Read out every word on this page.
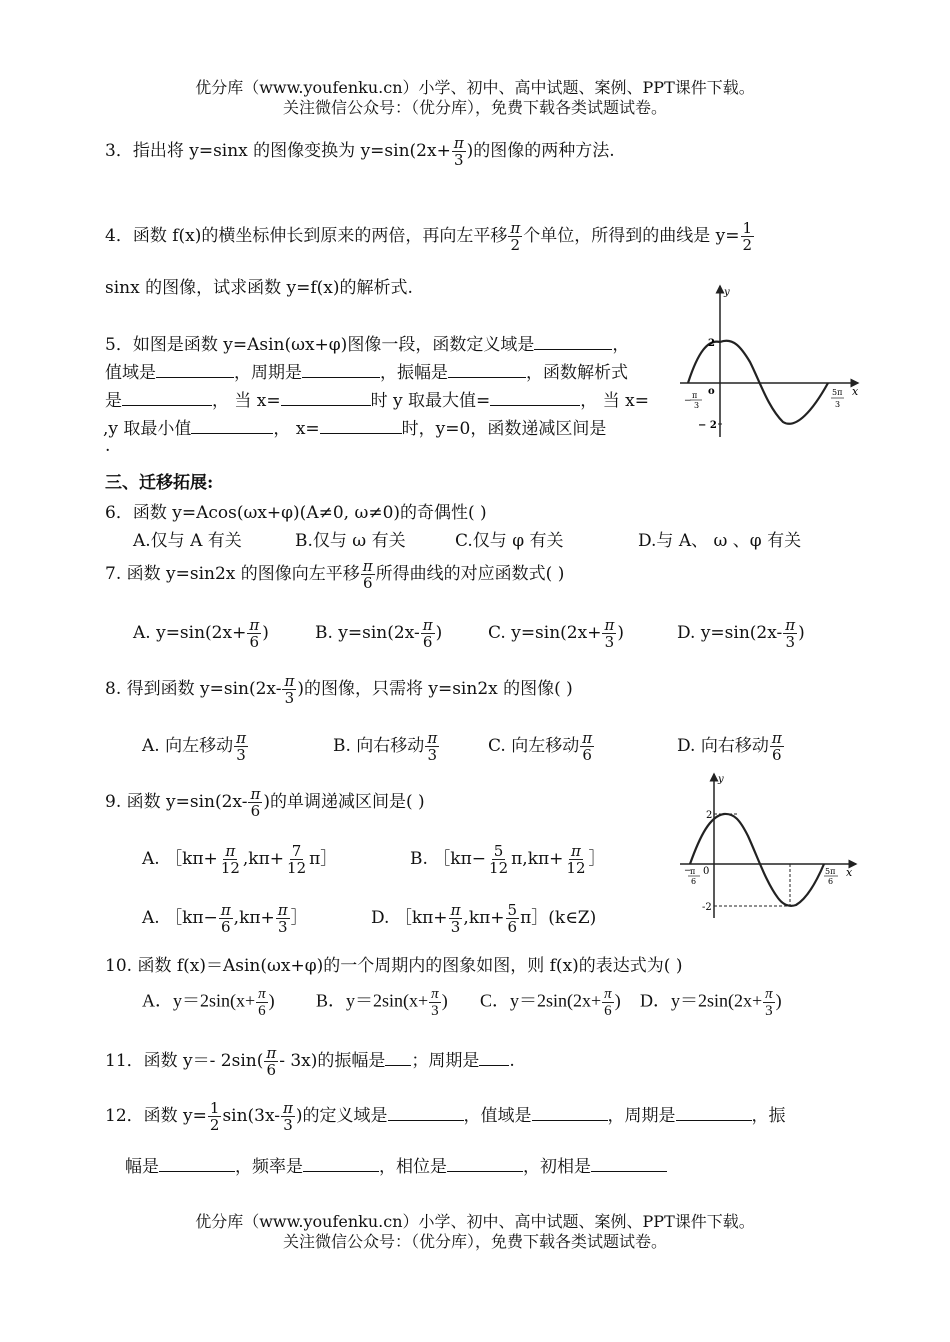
优分库（www.youfenku.cn）小学、初中、高中试题、案例、PPT课件下载。
关注微信公众号：（优分库），免费下载各类试题试卷。
3．指出将 y=sinx 的图像变换为 $y=\sin(2x+ \frac{\pi}{3}$ )的图像的两种方法.
4．函数 f(x)的横坐标伸长到原来的两倍，再向左平移 $\frac{\pi}{2}$ 个单位，所得到的曲线是 $y= \frac{1}{2}$
sinx 的图像，试求函数 y=f(x)的解析式.
5．如图是函数 y=Asin(ωx+φ)图像一段，函数定义域是	，
值域是	，周期是	，振幅是	，函数解析式
是	， 当 x=	时 y 取最大值=	， 当 x=
,y 取最小值	， x=	时，y=0，函数递减区间是
.
y
x
o
2
− 2
π
3
−
5π
3
三、迁移拓展:
6．函数 y=Acos(ωx+φ)(A≠0, ω≠0)的奇偶性( )
A.仅与 A 有关	B.仅与 ω 有关	C.仅与 φ 有关	D.与 A、 ω 、φ 有关
7. 函数 y=sin2x 的图像向左平移 $\frac{\pi}{6}$ 所得曲线的对应函数式( )
A. $y=\sin(2x+ \frac{\pi}{6}$ )	B. $y=\sin(2x- \frac{\pi}{6}$ )	C. $y=\sin(2x+ \frac{\pi}{3}$ )	D. $y=\sin(2x- \frac{\pi}{3}$ )
8. 得到函数 $y=\sin(2x- \frac{\pi}{3}$ )的图像，只需将 y=sin2x 的图像( )
A. 向左移动 $\frac{\pi}{3}$	B. 向右移动 $\frac{\pi}{3}$	C. 向左移动 $\frac{\pi}{6}$	D. 向右移动 $\frac{\pi}{6}$
9. 函数 $y=\sin(2x- \frac{\pi}{6}$ )的单调递减区间是( )
A. ［kπ+ $\frac{\pi}{12} ,k\pi+ \frac{7}{12}$ π］	B. ［kπ− $\frac{5}{12} \pi,k\pi+ \frac{\pi}{12}$ ］
A. ［kπ− $\frac{\pi}{6} ,k\pi+ \frac{\pi}{3}$ ］	D. ［kπ+ $\frac{\pi}{3} ,k\pi+ \frac{5}{6}$ π］(k∈Z)
y
x
0
2
-2
−
π
6
5π
6
10. 函数 f(x)＝Asin(ωx+φ)的一个周期内的图象如图，则 f(x)的表达式为( )
A．$y=2\sin(x+ \frac{\pi}{6}$ ) B．$y=2\sin(x+ \frac{\pi}{3}$ ) C．$y=2\sin(2x+ \frac{\pi}{6}$ ) D．$y=2\sin(2x+ \frac{\pi}{3}$ )
11．函数 y＝- $2\sin( \frac{\pi}{6} - 3x)$的振幅是 ；周期是 .
12．函数 $y= \frac{1}{2} \sin(3x- \frac{\pi}{3}$ )的定义域是	，值域是	，周期是	，振
幅是	，频率是	，相位是	，初相是
优分库（www.youfenku.cn）小学、初中、高中试题、案例、PPT课件下载。
关注微信公众号：（优分库），免费下载各类试题试卷。
